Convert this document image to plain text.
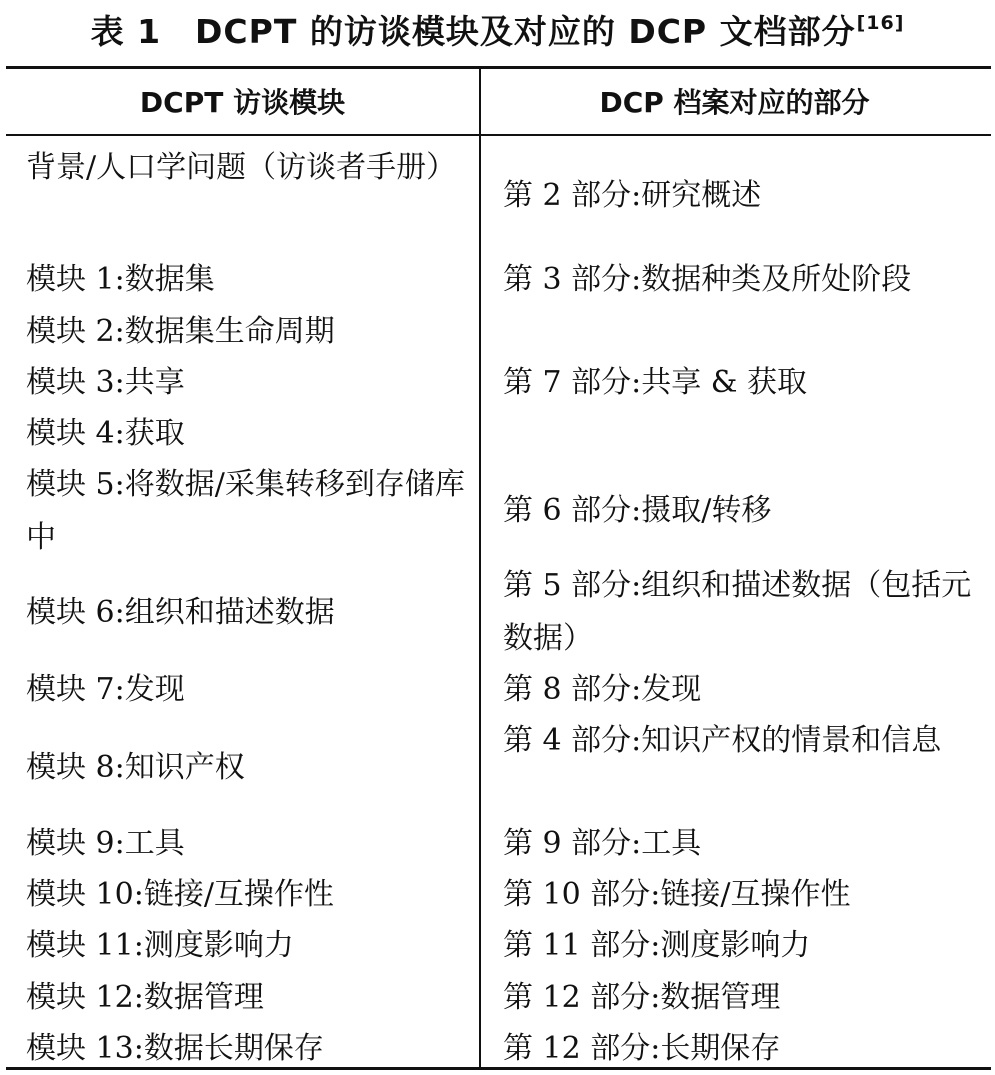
表 1　DCPT 的访谈模块及对应的 DCP 文档部分[16]
DCPT 访谈模块	DCP 档案对应的部分
背景/人口学问题（访谈者手册）
模块 1:数据集
模块 2:数据集生命周期
模块 3:共享
模块 4:获取
模块 5:将数据/采集转移到存储库中
模块 6:组织和描述数据
模块 7:发现
模块 8:知识产权
模块 9:工具
模块 10:链接/互操作性
模块 11:测度影响力
模块 12:数据管理
模块 13:数据长期保存
第 2 部分:研究概述
第 3 部分:数据种类及所处阶段
第 7 部分:共享 & 获取
第 6 部分:摄取/转移
第 5 部分:组织和描述数据（包括元数据）
第 8 部分:发现
第 4 部分:知识产权的情景和信息
第 9 部分:工具
第 10 部分:链接/互操作性
第 11 部分:测度影响力
第 12 部分:数据管理
第 12 部分:长期保存
